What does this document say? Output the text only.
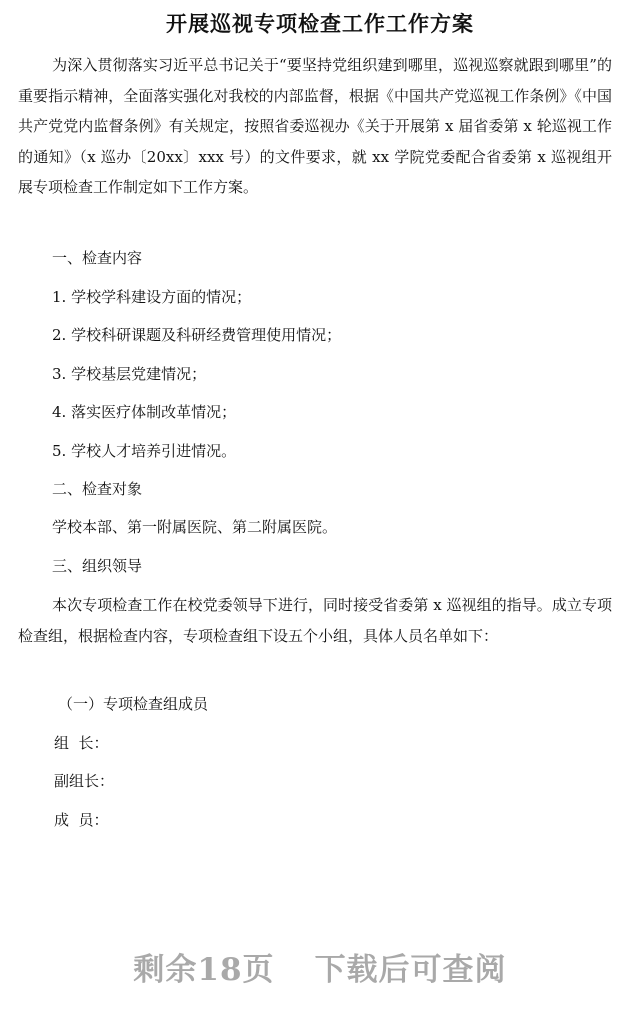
开展巡视专项检查工作工作方案

为深入贯彻落实习近平总书记关于“要坚持党组织建到哪里，巡视巡察就跟到哪里”的重要指示精神，全面落实强化对我校的内部监督，根据《中国共产党巡视工作条例》《中国共产党党内监督条例》有关规定，按照省委巡视办《关于开展第 x 届省委第 x 轮巡视工作的通知》（x 巡办〔20xx〕xxx 号）的文件要求，就 xx 学院党委配合省委第 x 巡视组开展专项检查工作制定如下工作方案。

一、检查内容

1. 学校学科建设方面的情况；

2. 学校科研课题及科研经费管理使用情况；

3. 学校基层党建情况；

4. 落实医疗体制改革情况；

5. 学校人才培养引进情况。

二、检查对象

学校本部、第一附属医院、第二附属医院。

三、组织领导

本次专项检查工作在校党委领导下进行，同时接受省委第 x 巡视组的指导。成立专项检查组，根据检查内容，专项检查组下设五个小组，具体人员名单如下：

（一）专项检查组成员

组  长：

副组长：

成  员：

剩余18页 下载后可查阅
